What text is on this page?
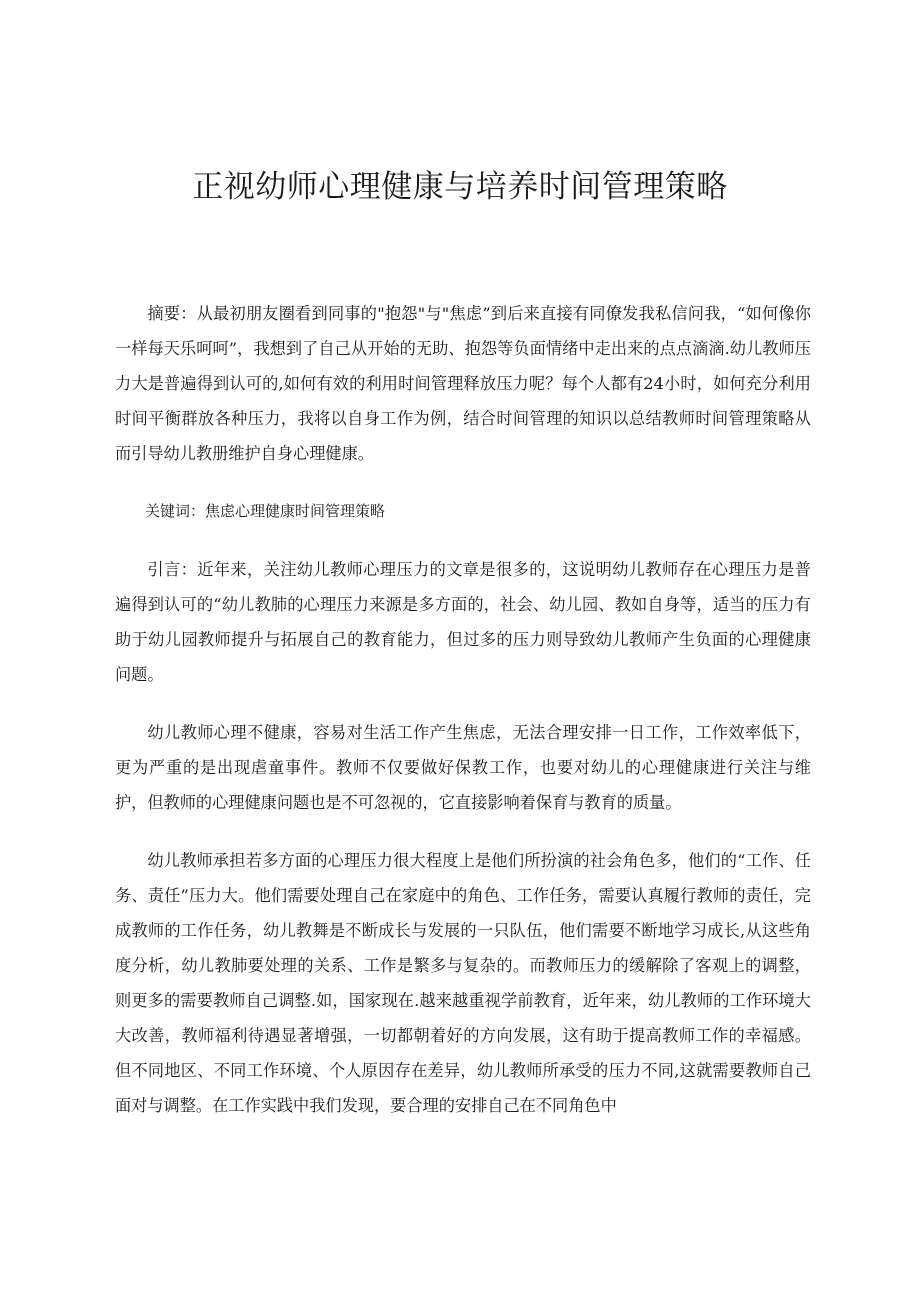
正视幼师心理健康与培养时间管理策略

摘要：从最初朋友圈看到同事的"抱怨"与"焦虑”到后来直接有同僚发我私信问我，“如何像你一样每天乐呵呵”，我想到了自己从开始的无助、抱怨等负面情绪中走出来的点点滴滴.幼儿教师压力大是普遍得到认可的,如何有效的利用时间管理释放压力呢？每个人都有24小时，如何充分利用时间平衡群放各种压力，我将以自身工作为例，结合时间管理的知识以总结教师时间管理策略从而引导幼儿教册维护自身心理健康。

关键词：焦虑心理健康时间管理策略

引言：近年来，关注幼儿教师心理压力的文章是很多的，这说明幼儿教师存在心理压力是普遍得到认可的“幼儿教肺的心理压力来源是多方面的，社会、幼儿园、教如自身等，适当的压力有助于幼儿园教师提升与拓展自己的教育能力，但过多的压力则导致幼儿教师产生负面的心理健康问题。

幼儿教师心理不健康，容易对生活工作产生焦虑，无法合理安排一日工作，工作效率低下，更为严重的是出现虐童事件。教师不仅要做好保教工作，也要对幼儿的心理健康进行关注与维护，但教师的心理健康问题也是不可忽视的，它直接影响着保育与教育的质量。

幼儿教师承担若多方面的心理压力很大程度上是他们所扮演的社会角色多，他们的“工作、任务、责任”压力大。他们需要处理自己在家庭中的角色、工作任务，需要认真履行教师的责任，完成教师的工作任务，幼儿教舞是不断成长与发展的一只队伍，他们需要不断地学习成长,从这些角度分析，幼儿教肺要处理的关系、工作是繁多与复杂的。而教师压力的缓解除了客观上的调整，则更多的需要教师自己调整.如，国家现在.越来越重视学前教育，近年来，幼儿教师的工作环境大大改善，教师福利待遇显著增强，一切都朝着好的方向发展，这有助于提高教师工作的幸福感。但不同地区、不同工作环境、个人原因存在差异，幼儿教师所承受的压力不同,这就需要教师自己面对与调整。在工作实践中我们发现，要合理的安排自己在不同角色中
